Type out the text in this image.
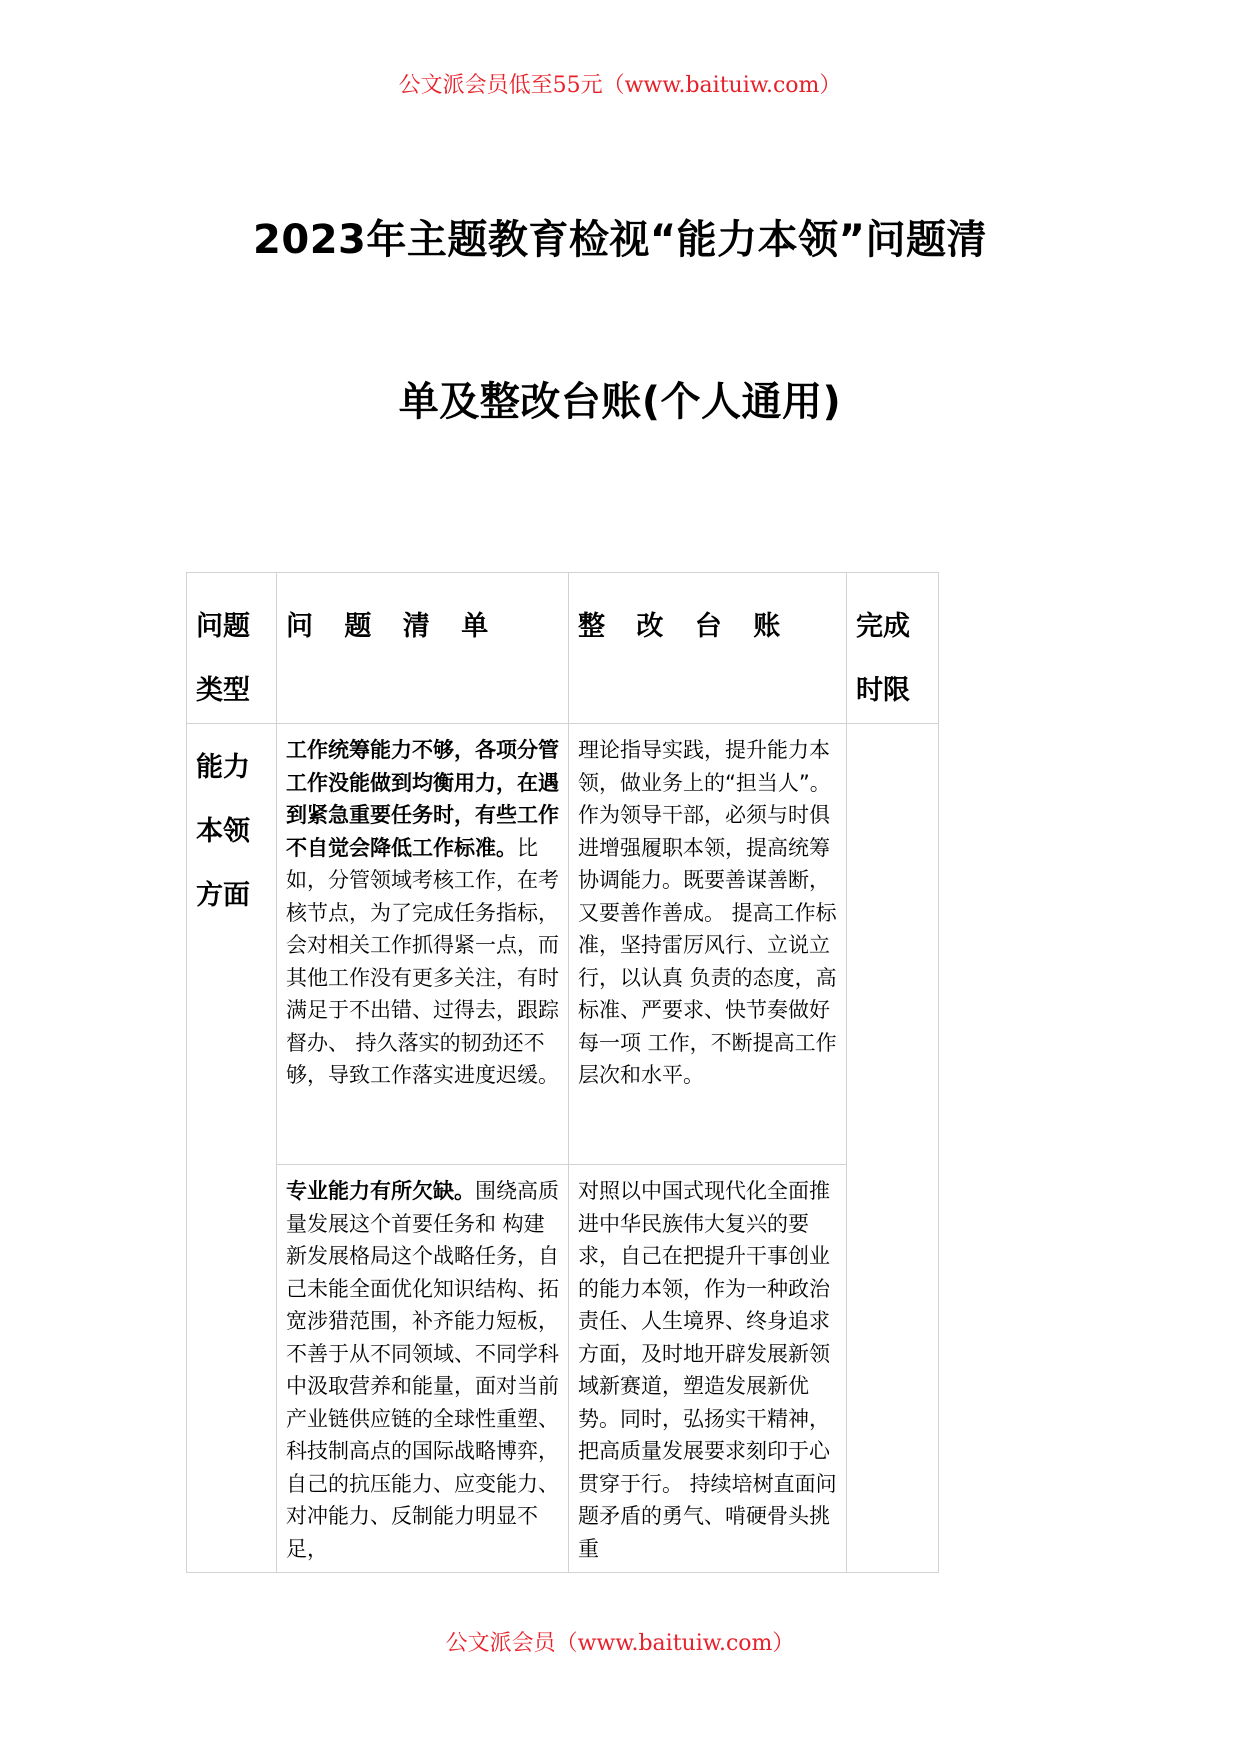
公文派会员低至55元（www.baituiw.com）
2023年主题教育检视“能力本领”问题清
单及整改台账(个人通用)

问题类型	问 题 清 单	整 改 台 账	完成时限

能力本领方面	工作统筹能力不够，各项分管工作没能做到均衡用力，在遇到紧急重要任务时，有些工作不自觉会降低工作标准。比如，分管领域考核工作，在考核节点，为了完成任务指标，会对相关工作抓得紧一点，而其他工作没有更多关注，有时满足于不出错、过得去，跟踪督办、 持久落实的韧劲还不够，导致工作落实进度迟缓。	理论指导实践，提升能力本领，做业务上的“担当人”。作为领导干部，必须与时俱进增强履职本领，提高统筹协调能力。既要善谋善断，又要善作善成。 提高工作标准，坚持雷厉风行、立说立行，以认真 负责的态度，高标准、严要求、快节奏做好每一项 工作，不断提高工作层次和水平。	

	专业能力有所欠缺。围绕高质量发展这个首要任务和 构建新发展格局这个战略任务，自己未能全面优化知识结构、拓宽涉猎范围，补齐能力短板，不善于从不同领域、不同学科中汲取营养和能量，面对当前产业链供应链的全球性重塑、科技制高点的国际战略博弈，自己的抗压能力、应变能力、对冲能力、反制能力明显不足，	对照以中国式现代化全面推进中华民族伟大复兴的要求，自己在把提升干事创业的能力本领，作为一种政治责任、人生境界、终身追求方面，及时地开辟发展新领域新赛道，塑造发展新优势。同时，弘扬实干精神，把高质量发展要求刻印于心贯穿于行。 持续培树直面问题矛盾的勇气、啃硬骨头挑重	

公文派会员（www.baituiw.com）
